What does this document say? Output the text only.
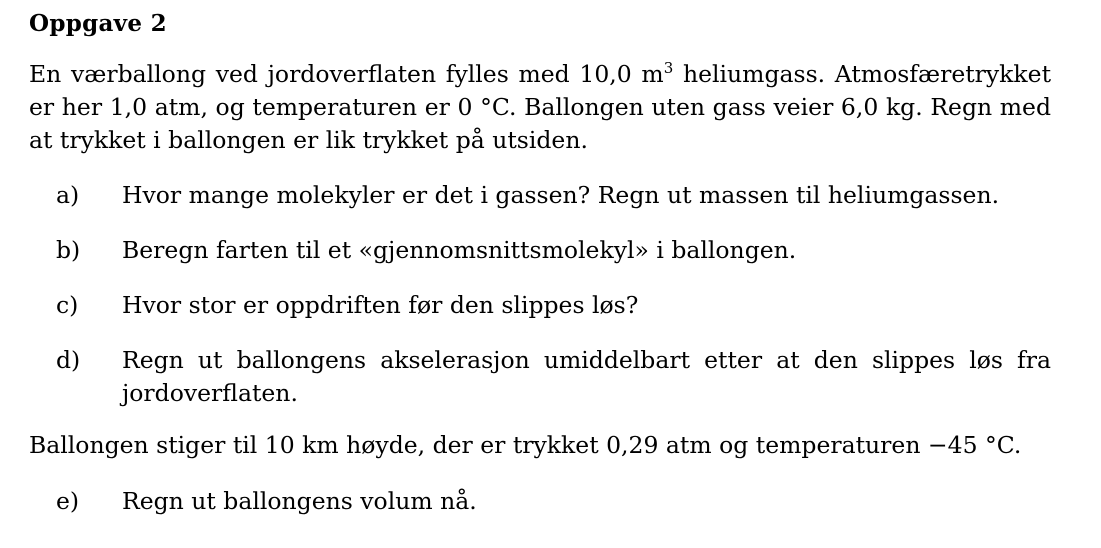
Oppgave 2
En værballong ved jordoverflaten fylles med 10,0 $m^3$ heliumgass. Atmosfæretrykket er her 1,0 atm, og temperaturen er 0 °C. Ballongen uten gass veier 6,0 kg. Regn med at trykket i ballongen er lik trykket på utsiden.
a)	Hvor mange molekyler er det i gassen? Regn ut massen til heliumgassen.
b)	Beregn farten til et «gjennomsnittsmolekyl» i ballongen.
c)	Hvor stor er oppdriften før den slippes løs?
d)	Regn ut ballongens akselerasjon umiddelbart etter at den slippes løs fra jordoverflaten.
Ballongen stiger til 10 km høyde, der er trykket 0,29 atm og temperaturen −45 °C.
e)	Regn ut ballongens volum nå.
